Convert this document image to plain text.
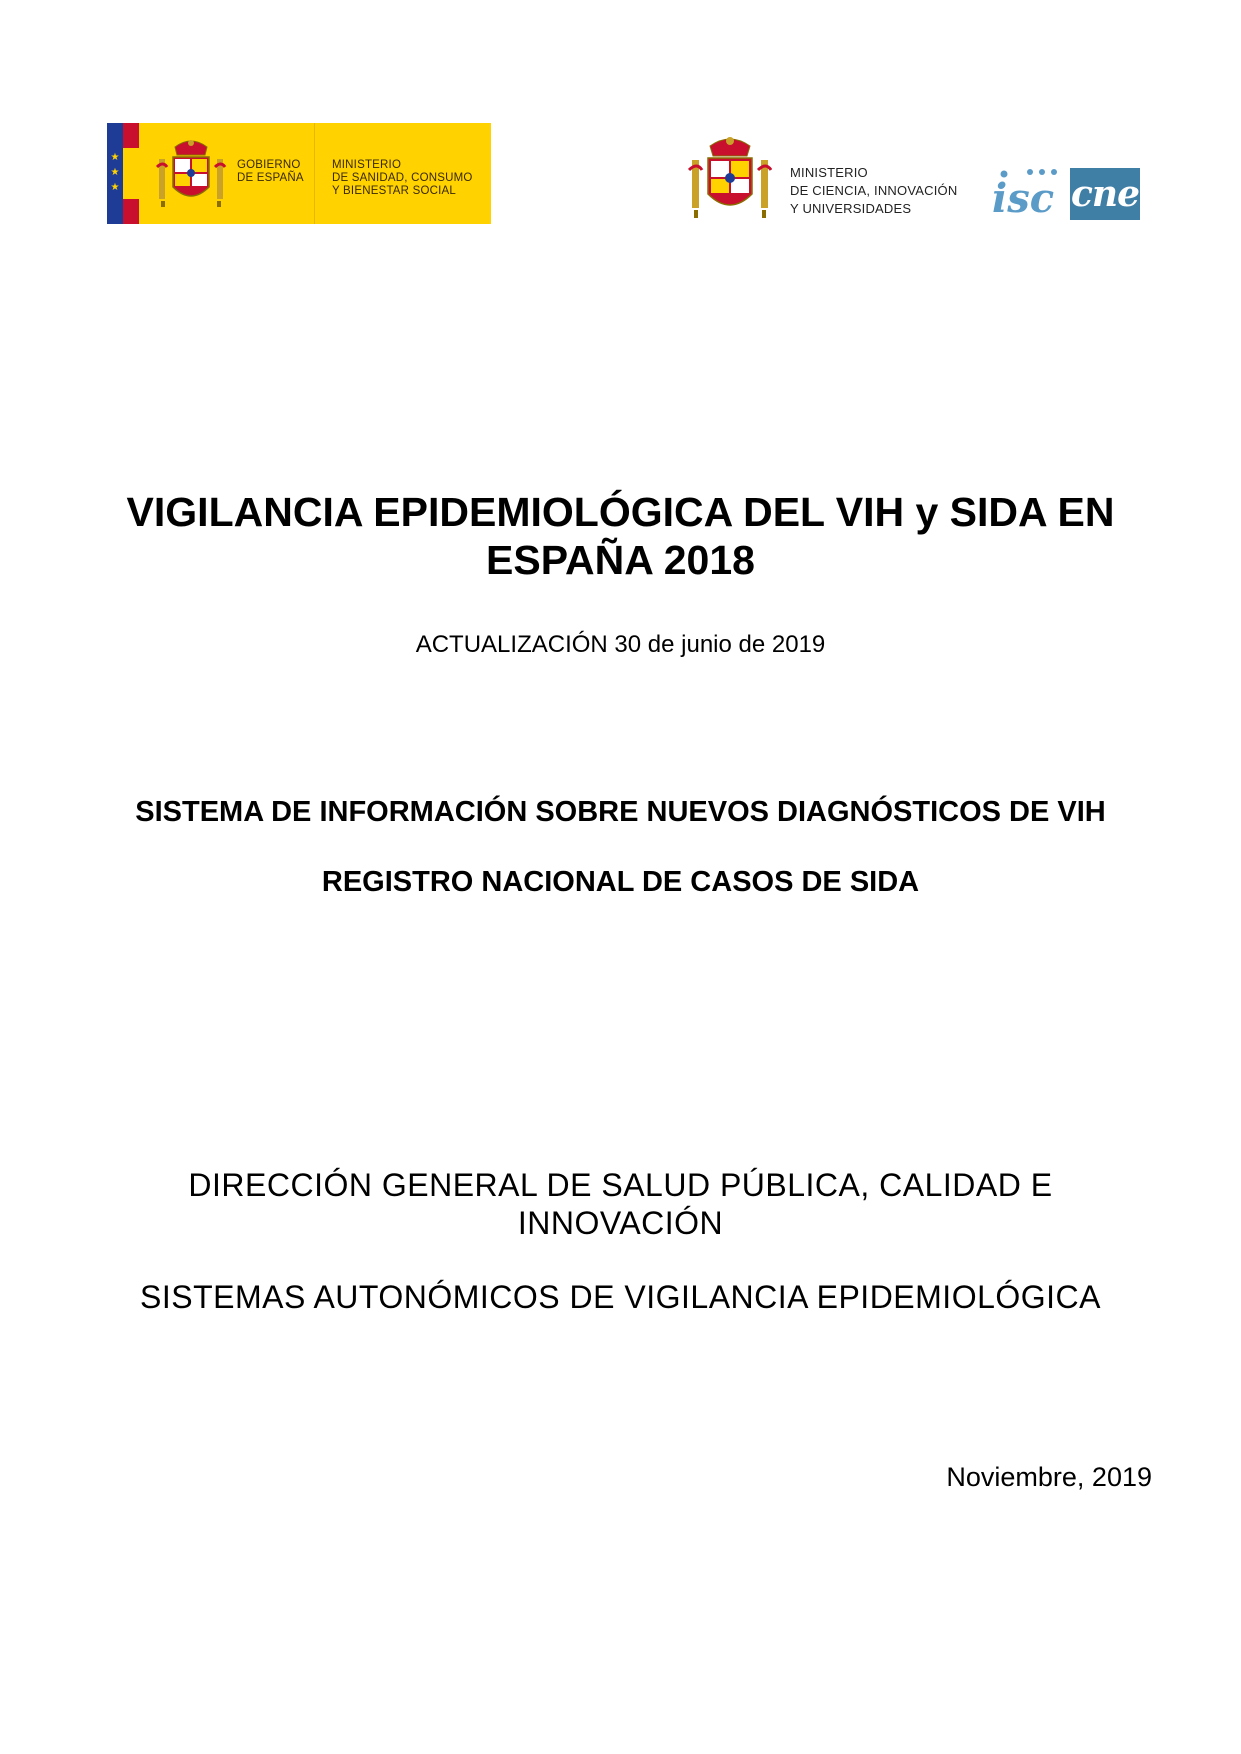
★
★
★
GOBIERNO
DE ESPAÑA
MINISTERIO
DE SANIDAD, CONSUMO
Y BIENESTAR SOCIAL
MINISTERIO
DE CIENCIA, INNOVACIÓN
Y UNIVERSIDADES	isc cne
VIGILANCIA EPIDEMIOLÓGICA DEL VIH y SIDA EN ESPAÑA 2018
ACTUALIZACIÓN 30 de junio de 2019
SISTEMA DE INFORMACIÓN SOBRE NUEVOS DIAGNÓSTICOS DE VIH
REGISTRO NACIONAL DE CASOS DE SIDA
DIRECCIÓN GENERAL DE SALUD PÚBLICA, CALIDAD E INNOVACIÓN
SISTEMAS AUTONÓMICOS DE VIGILANCIA EPIDEMIOLÓGICA
Noviembre, 2019
